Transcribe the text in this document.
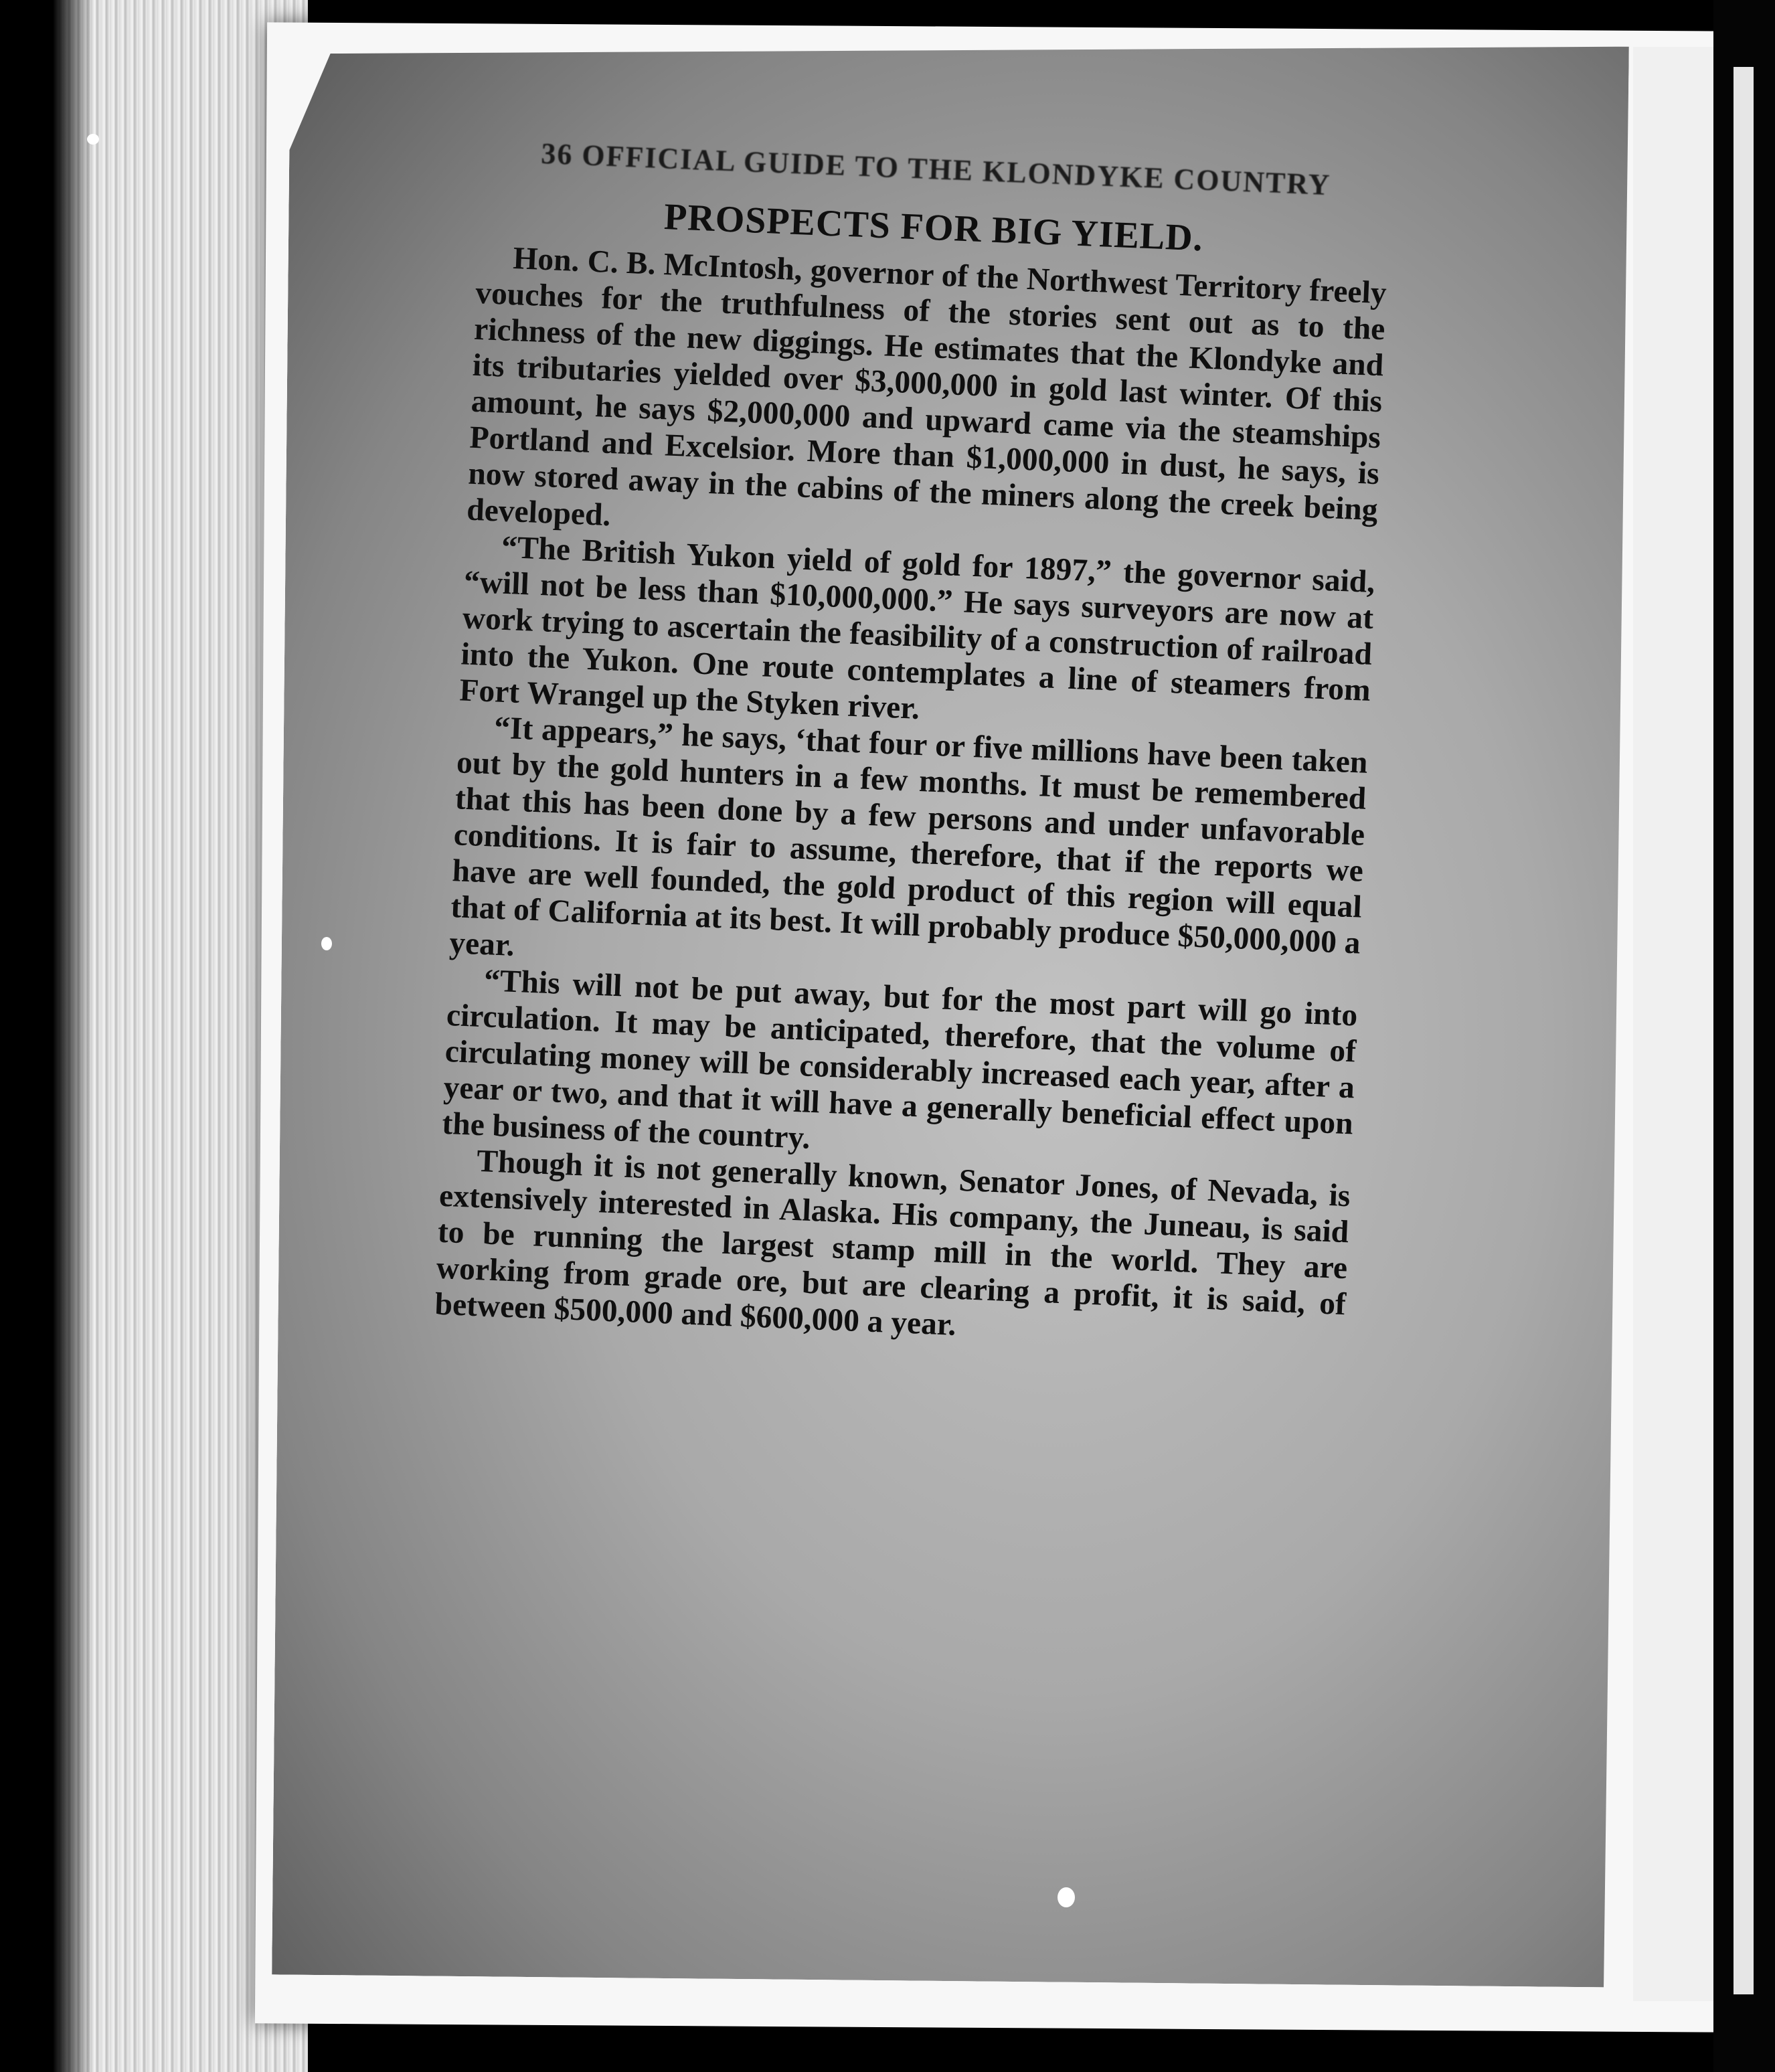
36 OFFICIAL GUIDE TO THE KLONDYKE COUNTRY
PROSPECTS FOR BIG YIELD.

Hon. C. B. McIntosh, governor of the Northwest Territory freely vouches for the truthfulness of the stories sent out as to the richness of the new diggings. He estimates that the Klondyke and its tributaries yielded over $3,000,000 in gold last winter. Of this amount, he says $2,000,000 and upward came via the steamships Portland and Excelsior. More than $1,000,000 in dust, he says, is now stored away in the cabins of the miners along the creek being developed.

“The British Yukon yield of gold for 1897,” the governor said, “will not be less than $10,000,000.” He says surveyors are now at work trying to ascertain the feasibility of a construction of railroad into the Yukon. One route contemplates a line of steamers from Fort Wrangel up the Styken river.

“It appears,” he says, ‘that four or five millions have been taken out by the gold hunters in a few months. It must be remembered that this has been done by a few persons and under unfavorable conditions. It is fair to assume, therefore, that if the reports we have are well founded, the gold product of this region will equal that of California at its best. It will probably produce $50,000,000 a year.

“This will not be put away, but for the most part will go into circulation. It may be anticipated, therefore, that the volume of circulating money will be considerably increased each year, after a year or two, and that it will have a generally beneficial effect upon the business of the country.

Though it is not generally known, Senator Jones, of Nevada, is extensively interested in Alaska. His company, the Juneau, is said to be running the largest stamp mill in the world. They are working from grade ore, but are clearing a profit, it is said, of between $500,000 and $600,000 a year.
